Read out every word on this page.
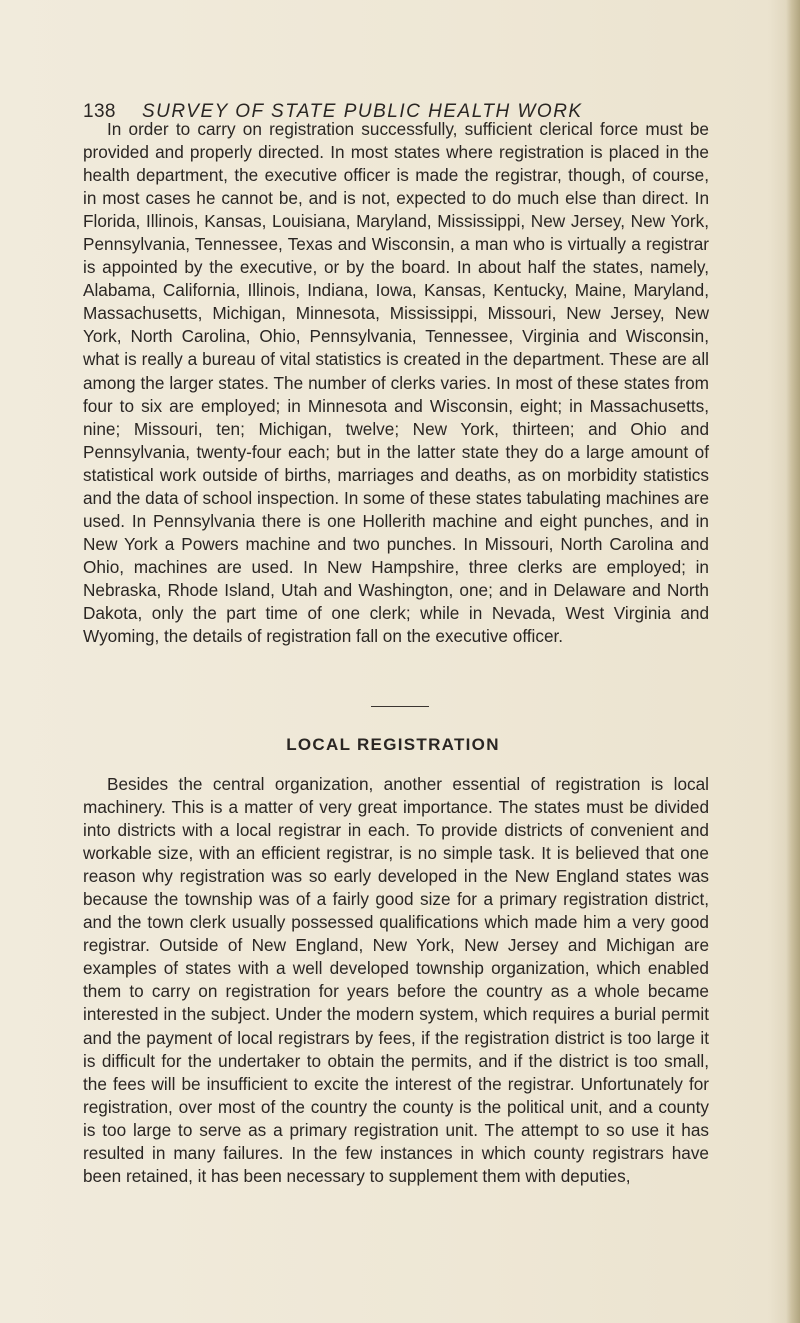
138 SURVEY OF STATE PUBLIC HEALTH WORK

In order to carry on registration successfully, sufficient clerical force must be provided and properly directed. In most states where registration is placed in the health department, the executive officer is made the registrar, though, of course, in most cases he cannot be, and is not, expected to do much else than direct. In Florida, Illinois, Kansas, Louisiana, Maryland, Mississippi, New Jersey, New York, Pennsylvania, Tennessee, Texas and Wisconsin, a man who is virtually a registrar is appointed by the executive, or by the board. In about half the states, namely, Alabama, California, Illinois, Indiana, Iowa, Kansas, Kentucky, Maine, Maryland, Massachusetts, Michigan, Minnesota, Mississippi, Missouri, New Jersey, New York, North Carolina, Ohio, Pennsylvania, Tennessee, Virginia and Wisconsin, what is really a bureau of vital statistics is created in the department. These are all among the larger states. The number of clerks varies. In most of these states from four to six are employed; in Minnesota and Wisconsin, eight; in Massachusetts, nine; Missouri, ten; Michigan, twelve; New York, thirteen; and Ohio and Pennsylvania, twenty-four each; but in the latter state they do a large amount of statistical work outside of births, marriages and deaths, as on morbidity statistics and the data of school inspection. In some of these states tabulating machines are used. In Pennsylvania there is one Hollerith machine and eight punches, and in New York a Powers machine and two punches. In Missouri, North Carolina and Ohio, machines are used. In New Hampshire, three clerks are employed; in Nebraska, Rhode Island, Utah and Washington, one; and in Delaware and North Dakota, only the part time of one clerk; while in Nevada, West Virginia and Wyoming, the details of registration fall on the executive officer.

LOCAL REGISTRATION

Besides the central organization, another essential of registration is local machinery. This is a matter of very great importance. The states must be divided into districts with a local registrar in each. To provide districts of convenient and workable size, with an efficient registrar, is no simple task. It is believed that one reason why registration was so early developed in the New England states was because the township was of a fairly good size for a primary registration district, and the town clerk usually possessed qualifications which made him a very good registrar. Outside of New England, New York, New Jersey and Michigan are examples of states with a well developed township organization, which enabled them to carry on registration for years before the country as a whole became interested in the subject. Under the modern system, which requires a burial permit and the payment of local registrars by fees, if the registration district is too large it is difficult for the undertaker to obtain the permits, and if the district is too small, the fees will be insufficient to excite the interest of the registrar. Unfortunately for registration, over most of the country the county is the political unit, and a county is too large to serve as a primary registration unit. The attempt to so use it has resulted in many failures. In the few instances in which county registrars have been retained, it has been necessary to supplement them with deputies,
